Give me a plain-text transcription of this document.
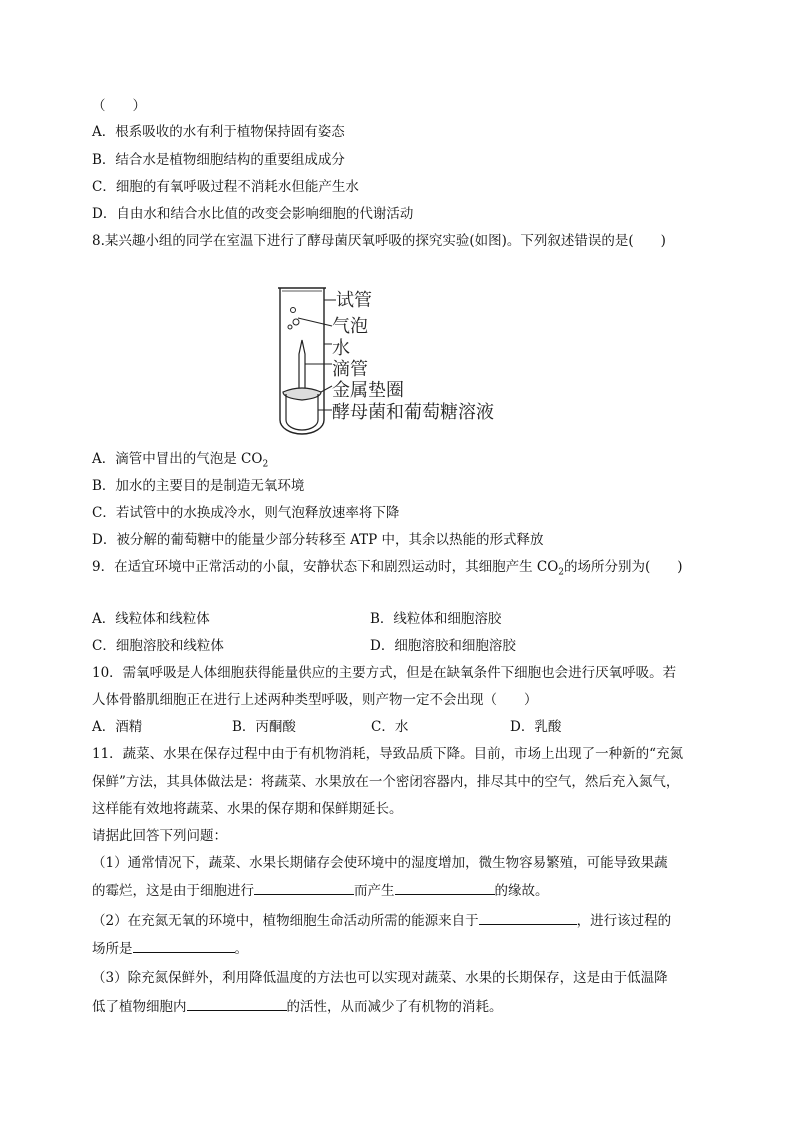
（　　）
A．根系吸收的水有利于植物保持固有姿态
B．结合水是植物细胞结构的重要组成成分
C．细胞的有氧呼吸过程不消耗水但能产生水
D．自由水和结合水比值的改变会影响细胞的代谢活动
8.某兴趣小组的同学在室温下进行了酵母菌厌氧呼吸的探究实验(如图)。下列叙述错误的是(　　)
试管
气泡
水
滴管
金属垫圈
酵母菌和葡萄糖溶液
A．滴管中冒出的气泡是 $CO_2$
B．加水的主要目的是制造无氧环境
C．若试管中的水换成冷水，则气泡释放速率将下降
D．被分解的葡萄糖中的能量少部分转移至 ATP 中，其余以热能的形式释放
9．在适宜环境中正常活动的小鼠，安静状态下和剧烈运动时，其细胞产生 $CO_2$的场所分别为(　　)
A．线粒体和线粒体	B．线粒体和细胞溶胶
C．细胞溶胶和线粒体	D．细胞溶胶和细胞溶胶
10．需氧呼吸是人体细胞获得能量供应的主要方式，但是在缺氧条件下细胞也会进行厌氧呼吸。若
人体骨骼肌细胞正在进行上述两种类型呼吸，则产物一定不会出现（　　）
A．酒精	B．丙酮酸	C．水	D．乳酸
11．蔬菜、水果在保存过程中由于有机物消耗，导致品质下降。目前，市场上出现了一种新的“充氮
保鲜”方法，其具体做法是：将蔬菜、水果放在一个密闭容器内，排尽其中的空气，然后充入氮气，
这样能有效地将蔬菜、水果的保存期和保鲜期延长。
请据此回答下列问题：
（1）通常情况下，蔬菜、水果长期储存会使环境中的湿度增加，微生物容易繁殖，可能导致果蔬
的霉烂，这是由于细胞进行	而产生	的缘故。
（2）在充氮无氧的环境中，植物细胞生命活动所需的能源来自于	，进行该过程的
场所是	。
（3）除充氮保鲜外，利用降低温度的方法也可以实现对蔬菜、水果的长期保存，这是由于低温降
低了植物细胞内	的活性，从而减少了有机物的消耗。
